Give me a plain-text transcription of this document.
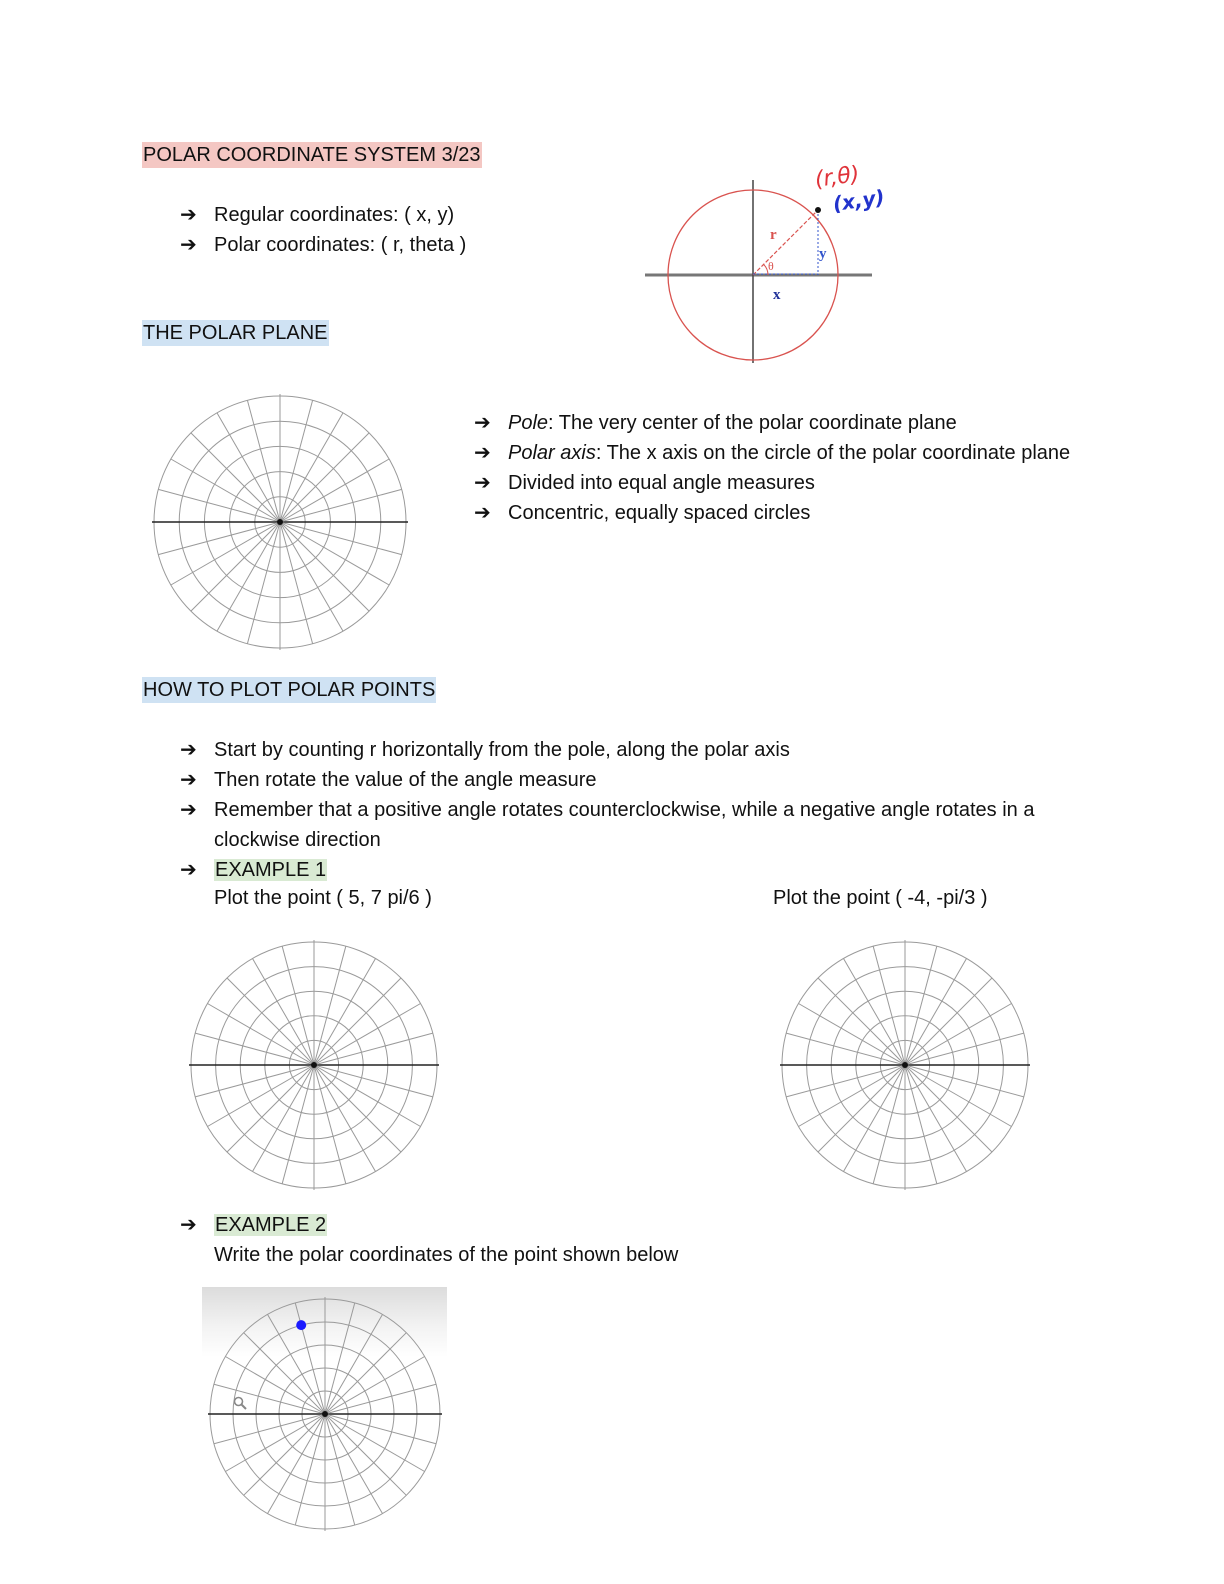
POLAR COORDINATE SYSTEM 3/23
➔ Regular coordinates: ( x, y)
➔ Polar coordinates: ( r, theta )	r
θ
y
x
(r,θ)
(x,y)
THE POLAR PLANE
➔ Pole: The very center of the polar coordinate plane
➔ Polar axis: The x axis on the circle of the polar coordinate plane
➔ Divided into equal angle measures
➔ Concentric, equally spaced circles
HOW TO PLOT POLAR POINTS
➔ Start by counting r horizontally from the pole, along the polar axis
➔ Then rotate the value of the angle measure
➔ Remember that a positive angle rotates counterclockwise, while a negative angle rotates in a clockwise direction
➔ EXAMPLE 1
Plot the point ( 5, 7 pi/6 )	Plot the point ( -4, -pi/3 )
➔ EXAMPLE 2
Write the polar coordinates of the point shown below
